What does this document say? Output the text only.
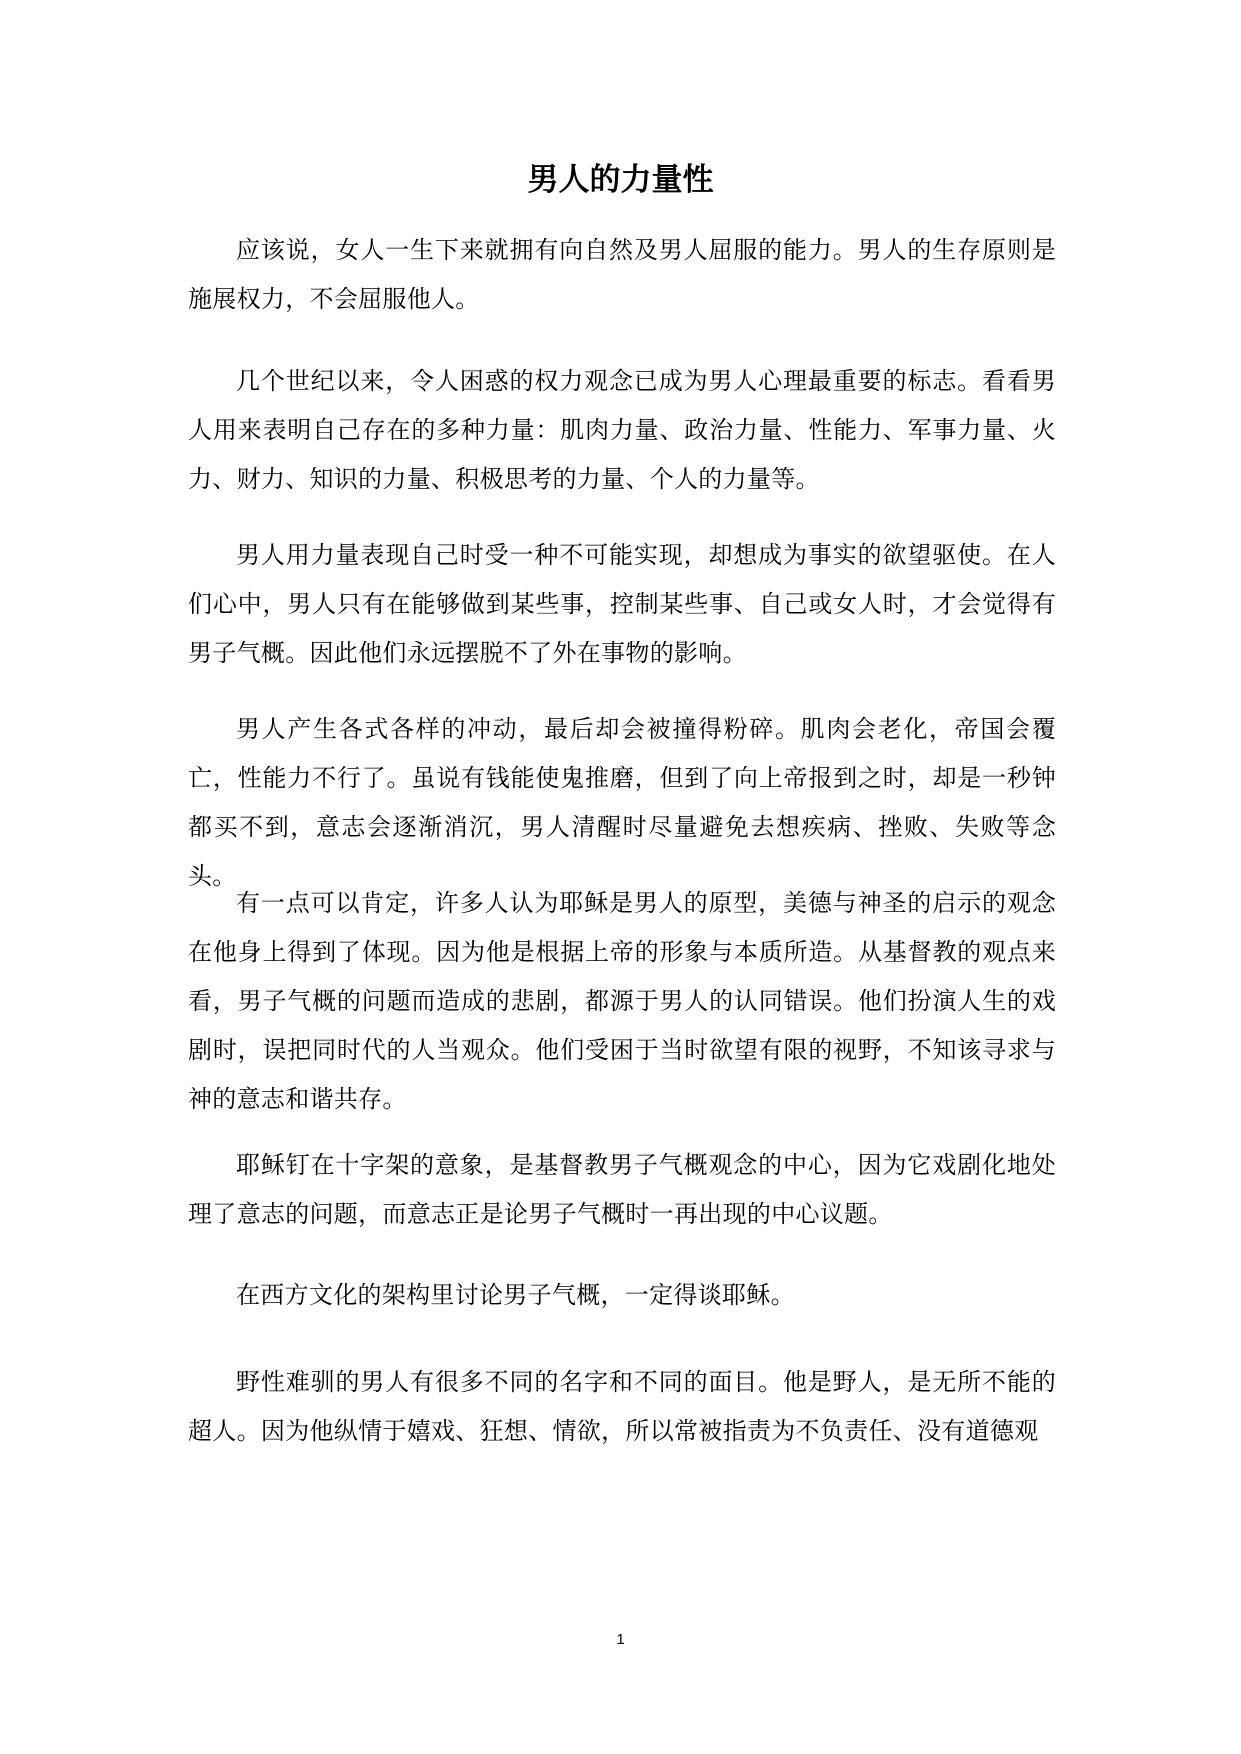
男人的力量性

应该说，女人一生下来就拥有向自然及男人屈服的能力。男人的生存原则是施展权力，不会屈服他人。

几个世纪以来，令人困惑的权力观念已成为男人心理最重要的标志。看看男人用来表明自己存在的多种力量：肌肉力量、政治力量、性能力、军事力量、火力、财力、知识的力量、积极思考的力量、个人的力量等。

男人用力量表现自己时受一种不可能实现，却想成为事实的欲望驱使。在人们心中，男人只有在能够做到某些事，控制某些事、自己或女人时，才会觉得有男子气概。因此他们永远摆脱不了外在事物的影响。

男人产生各式各样的冲动，最后却会被撞得粉碎。肌肉会老化，帝国会覆亡，性能力不行了。虽说有钱能使鬼推磨，但到了向上帝报到之时，却是一秒钟都买不到，意志会逐渐消沉，男人清醒时尽量避免去想疾病、挫败、失败等念头。

有一点可以肯定，许多人认为耶稣是男人的原型，美德与神圣的启示的观念在他身上得到了体现。因为他是根据上帝的形象与本质所造。从基督教的观点来看，男子气概的问题而造成的悲剧，都源于男人的认同错误。他们扮演人生的戏剧时，误把同时代的人当观众。他们受困于当时欲望有限的视野，不知该寻求与神的意志和谐共存。

耶稣钉在十字架的意象，是基督教男子气概观念的中心，因为它戏剧化地处理了意志的问题，而意志正是论男子气概时一再出现的中心议题。

在西方文化的架构里讨论男子气概，一定得谈耶稣。

野性难驯的男人有很多不同的名字和不同的面目。他是野人，是无所不能的超人。因为他纵情于嬉戏、狂想、情欲，所以常被指责为不负责任、没有道德观

1
